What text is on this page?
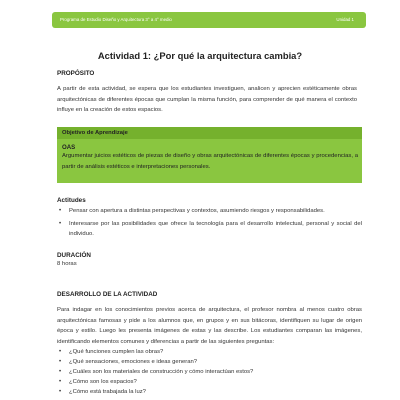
Programa de Estudio Diseño y Arquitectura 3° a 4° medio	Unidad 1
Actividad 1: ¿Por qué la arquitectura cambia?
PROPÓSITO
A partir de esta actividad, se espera que los estudiantes investiguen, analicen y aprecien estéticamente obras arquitectónicas de diferentes épocas que cumplan la misma función, para comprender de qué manera el contexto influye en la creación de estos espacios.
Objetivo de Aprendizaje
OAS
Argumentar juicios estéticos de piezas de diseño y obras arquitectónicas de diferentes épocas y procedencias, a partir de análisis estéticos e interpretaciones personales.
Actitudes
• Pensar con apertura a distintas perspectivas y contextos, asumiendo riesgos y responsabilidades.
• Interesarse por las posibilidades que ofrece la tecnología para el desarrollo intelectual, personal y social del individuo.
DURACIÓN
8 horas
DESARROLLO DE LA ACTIVIDAD
Para indagar en los conocimientos previos acerca de arquitectura, el profesor nombra al menos cuatro obras arquitectónicas famosas y pide a los alumnos que, en grupos y en sus bitácoras, identifiquen su lugar de origen época y estilo. Luego les presenta imágenes de estas y las describe. Los estudiantes comparan las imágenes, identificando elementos comunes y diferencias a partir de las siguientes preguntas:
• ¿Qué funciones cumplen las obras?
• ¿Qué sensaciones, emociones e ideas generan?
• ¿Cuáles son los materiales de construcción y cómo interactúan estos?
• ¿Cómo son los espacios?
• ¿Cómo está trabajada la luz?
